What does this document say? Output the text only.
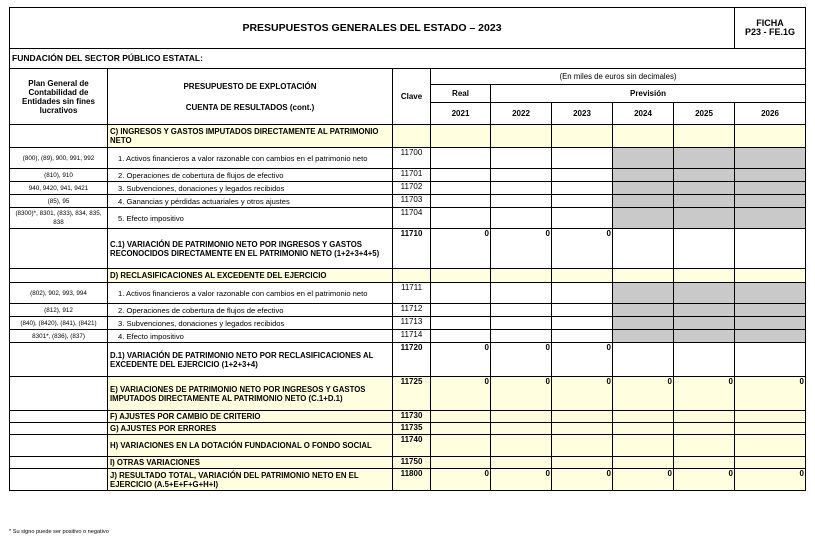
PRESUPUESTOS GENERALES DEL ESTADO – 2023								FICHA
P23 - FE.1G

FUNDACIÓN DEL SECTOR PÚBLICO ESTATAL:								
Plan General de Contabilidad de Entidades sin fines lucrativos	PRESUPUESTO DE EXPLOTACIÓN
CUENTA DE RESULTADOS (cont.)	Clave	(En miles de euros sin decimales)					
			Real	Previsión				
			2021	2022	2023	2024	2025	2026
	C) INGRESOS Y GASTOS IMPUTADOS DIRECTAMENTE AL PATRIMONIO NETO							
(800), (89), 900, 991, 992	1. Activos financieros a valor razonable con cambios en el patrimonio neto	11700						
(810), 910	2. Operaciones de cobertura de flujos de efectivo	11701						
940, 9420, 941, 9421	3. Subvenciones, donaciones y legados recibidos	11702						
(85), 95	4. Ganancias y pérdidas actuariales y otros ajustes	11703						
(8300)*, 8301, (833), 834, 835, 838	5. Efecto impositivo	11704						
	C.1) VARIACIÓN DE PATRIMONIO NETO POR INGRESOS Y GASTOS RECONOCIDOS DIRECTAMENTE EN EL PATRIMONIO NETO (1+2+3+4+5)	11710	0	0	0			
	D) RECLASIFICACIONES AL EXCEDENTE DEL EJERCICIO							
(802), 902, 993, 994	1. Activos financieros a valor razonable con cambios en el patrimonio neto	11711						
(812), 912	2. Operaciones de cobertura de flujos de efectivo	11712						
(840), (8420), (841), (8421)	3. Subvenciones, donaciones y legados recibidos	11713						
8301*, (836), (837)	4. Efecto impositivo	11714						
	D.1) VARIACIÓN DE PATRIMONIO NETO POR RECLASIFICACIONES AL EXCEDENTE DEL EJERCICIO (1+2+3+4)	11720	0	0	0			
	E) VARIACIONES DE PATRIMONIO NETO POR INGRESOS Y GASTOS IMPUTADOS DIRECTAMENTE AL PATRIMONIO NETO (C.1+D.1)	11725	0	0	0	0	0	0
	F) AJUSTES POR CAMBIO DE CRITERIO	11730						
	G) AJUSTES POR ERRORES	11735						
	H) VARIACIONES EN LA DOTACIÓN FUNDACIONAL O FONDO SOCIAL	11740						
	I) OTRAS VARIACIONES	11750						
	J) RESULTADO TOTAL, VARIACIÓN DEL PATRIMONIO NETO EN EL EJERCICIO (A.5+E+F+G+H+I)	11800	0	0	0	0	0	0
* Su signo puede ser positivo o negativo
